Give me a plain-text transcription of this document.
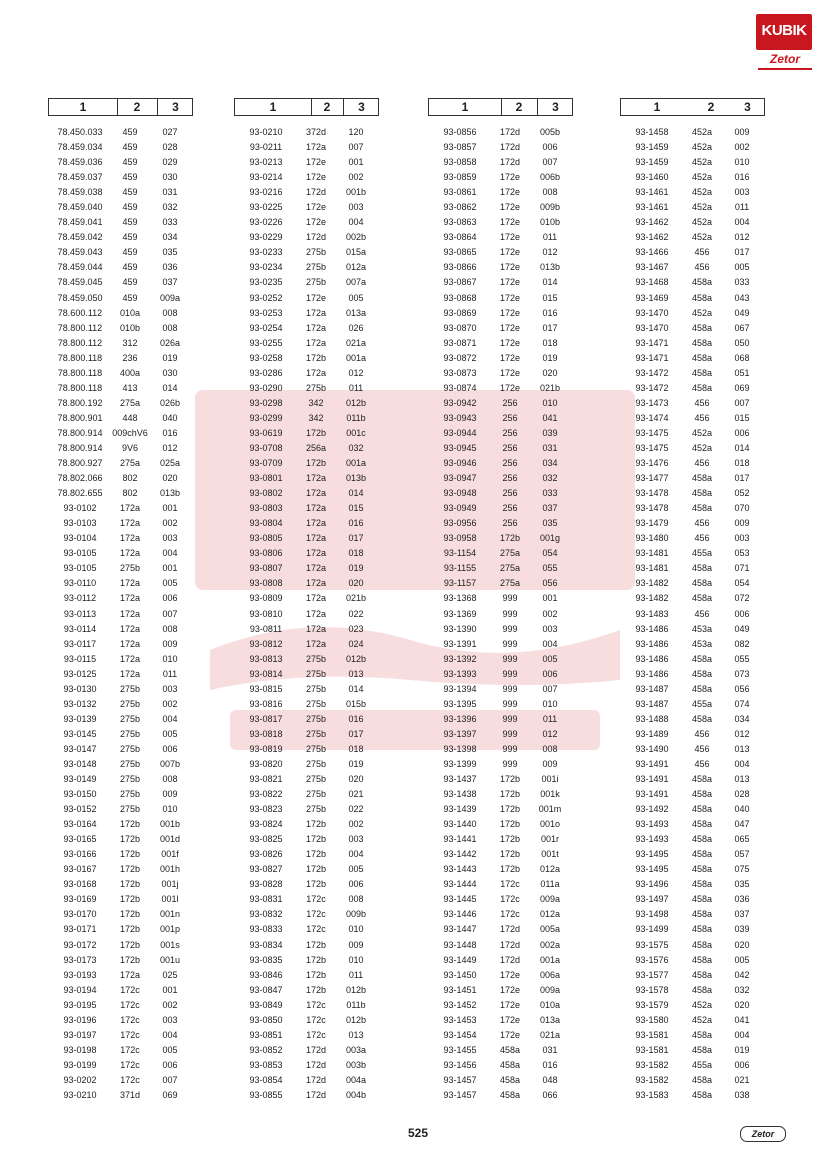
KUBIK
Zetor
1	2	3
78.450.033	459	027
78.459.034	459	028
78.459.036	459	029
78.459.037	459	030
78.459.038	459	031
78.459.040	459	032
78.459.041	459	033
78.459.042	459	034
78.459.043	459	035
78.459.044	459	036
78.459.045	459	037
78.459.050	459	009a
78.600.112	010a	008
78.800.112	010b	008
78.800.112	312	026a
78.800.118	236	019
78.800.118	400a	030
78.800.118	413	014
78.800.192	275a	026b
78.800.901	448	040
78.800.914	009chV6	016
78.800.914	9V6	012
78.800.927	275a	025a
78.802.066	802	020
78.802.655	802	013b
93-0102	172a	001
93-0103	172a	002
93-0104	172a	003
93-0105	172a	004
93-0105	275b	001
93-0110	172a	005
93-0112	172a	006
93-0113	172a	007
93-0114	172a	008
93-0117	172a	009
93-0115	172a	010
93-0125	172a	011
93-0130	275b	003
93-0132	275b	002
93-0139	275b	004
93-0145	275b	005
93-0147	275b	006
93-0148	275b	007b
93-0149	275b	008
93-0150	275b	009
93-0152	275b	010
93-0164	172b	001b
93-0165	172b	001d
93-0166	172b	001f
93-0167	172b	001h
93-0168	172b	001j
93-0169	172b	001l
93-0170	172b	001n
93-0171	172b	001p
93-0172	172b	001s
93-0173	172b	001u
93-0193	172a	025
93-0194	172c	001
93-0195	172c	002
93-0196	172c	003
93-0197	172c	004
93-0198	172c	005
93-0199	172c	006
93-0202	172c	007
93-0210	371d	069
1	2	3
93-0210	372d	120
93-0211	172a	007
93-0213	172e	001
93-0214	172e	002
93-0216	172d	001b
93-0225	172e	003
93-0226	172e	004
93-0229	172d	002b
93-0233	275b	015a
93-0234	275b	012a
93-0235	275b	007a
93-0252	172e	005
93-0253	172a	013a
93-0254	172a	026
93-0255	172a	021a
93-0258	172b	001a
93-0286	172a	012
93-0290	275b	011
93-0298	342	012b
93-0299	342	011b
93-0619	172b	001c
93-0708	256a	032
93-0709	172b	001a
93-0801	172a	013b
93-0802	172a	014
93-0803	172a	015
93-0804	172a	016
93-0805	172a	017
93-0806	172a	018
93-0807	172a	019
93-0808	172a	020
93-0809	172a	021b
93-0810	172a	022
93-0811	172a	023
93-0812	172a	024
93-0813	275b	012b
93-0814	275b	013
93-0815	275b	014
93-0816	275b	015b
93-0817	275b	016
93-0818	275b	017
93-0819	275b	018
93-0820	275b	019
93-0821	275b	020
93-0822	275b	021
93-0823	275b	022
93-0824	172b	002
93-0825	172b	003
93-0826	172b	004
93-0827	172b	005
93-0828	172b	006
93-0831	172c	008
93-0832	172c	009b
93-0833	172c	010
93-0834	172b	009
93-0835	172b	010
93-0846	172b	011
93-0847	172b	012b
93-0849	172c	011b
93-0850	172c	012b
93-0851	172c	013
93-0852	172d	003a
93-0853	172d	003b
93-0854	172d	004a
93-0855	172d	004b
1	2	3
93-0856	172d	005b
93-0857	172d	006
93-0858	172d	007
93-0859	172e	006b
93-0861	172e	008
93-0862	172e	009b
93-0863	172e	010b
93-0864	172e	011
93-0865	172e	012
93-0866	172e	013b
93-0867	172e	014
93-0868	172e	015
93-0869	172e	016
93-0870	172e	017
93-0871	172e	018
93-0872	172e	019
93-0873	172e	020
93-0874	172e	021b
93-0942	256	010
93-0943	256	041
93-0944	256	039
93-0945	256	031
93-0946	256	034
93-0947	256	032
93-0948	256	033
93-0949	256	037
93-0956	256	035
93-0958	172b	001g
93-1154	275a	054
93-1155	275a	055
93-1157	275a	056
93-1368	999	001
93-1369	999	002
93-1390	999	003
93-1391	999	004
93-1392	999	005
93-1393	999	006
93-1394	999	007
93-1395	999	010
93-1396	999	011
93-1397	999	012
93-1398	999	008
93-1399	999	009
93-1437	172b	001i
93-1438	172b	001k
93-1439	172b	001m
93-1440	172b	001o
93-1441	172b	001r
93-1442	172b	001t
93-1443	172b	012a
93-1444	172c	011a
93-1445	172c	009a
93-1446	172c	012a
93-1447	172d	005a
93-1448	172d	002a
93-1449	172d	001a
93-1450	172e	006a
93-1451	172e	009a
93-1452	172e	010a
93-1453	172e	013a
93-1454	172e	021a
93-1455	458a	031
93-1456	458a	016
93-1457	458a	048
93-1457	458a	066
1	2	3
93-1458	452a	009
93-1459	452a	002
93-1459	452a	010
93-1460	452a	016
93-1461	452a	003
93-1461	452a	011
93-1462	452a	004
93-1462	452a	012
93-1466	456	017
93-1467	456	005
93-1468	458a	033
93-1469	458a	043
93-1470	452a	049
93-1470	458a	067
93-1471	458a	050
93-1471	458a	068
93-1472	458a	051
93-1472	458a	069
93-1473	456	007
93-1474	456	015
93-1475	452a	006
93-1475	452a	014
93-1476	456	018
93-1477	458a	017
93-1478	458a	052
93-1478	458a	070
93-1479	456	009
93-1480	456	003
93-1481	455a	053
93-1481	458a	071
93-1482	458a	054
93-1482	458a	072
93-1483	456	006
93-1486	453a	049
93-1486	453a	082
93-1486	458a	055
93-1486	458a	073
93-1487	458a	056
93-1487	455a	074
93-1488	458a	034
93-1489	456	012
93-1490	456	013
93-1491	456	004
93-1491	458a	013
93-1491	458a	028
93-1492	458a	040
93-1493	458a	047
93-1493	458a	065
93-1495	458a	057
93-1495	458a	075
93-1496	458a	035
93-1497	458a	036
93-1498	458a	037
93-1499	458a	039
93-1575	458a	020
93-1576	458a	005
93-1577	458a	042
93-1578	458a	032
93-1579	452a	020
93-1580	452a	041
93-1581	458a	004
93-1581	458a	019
93-1582	455a	006
93-1582	458a	021
93-1583	458a	038
525	Zetor
